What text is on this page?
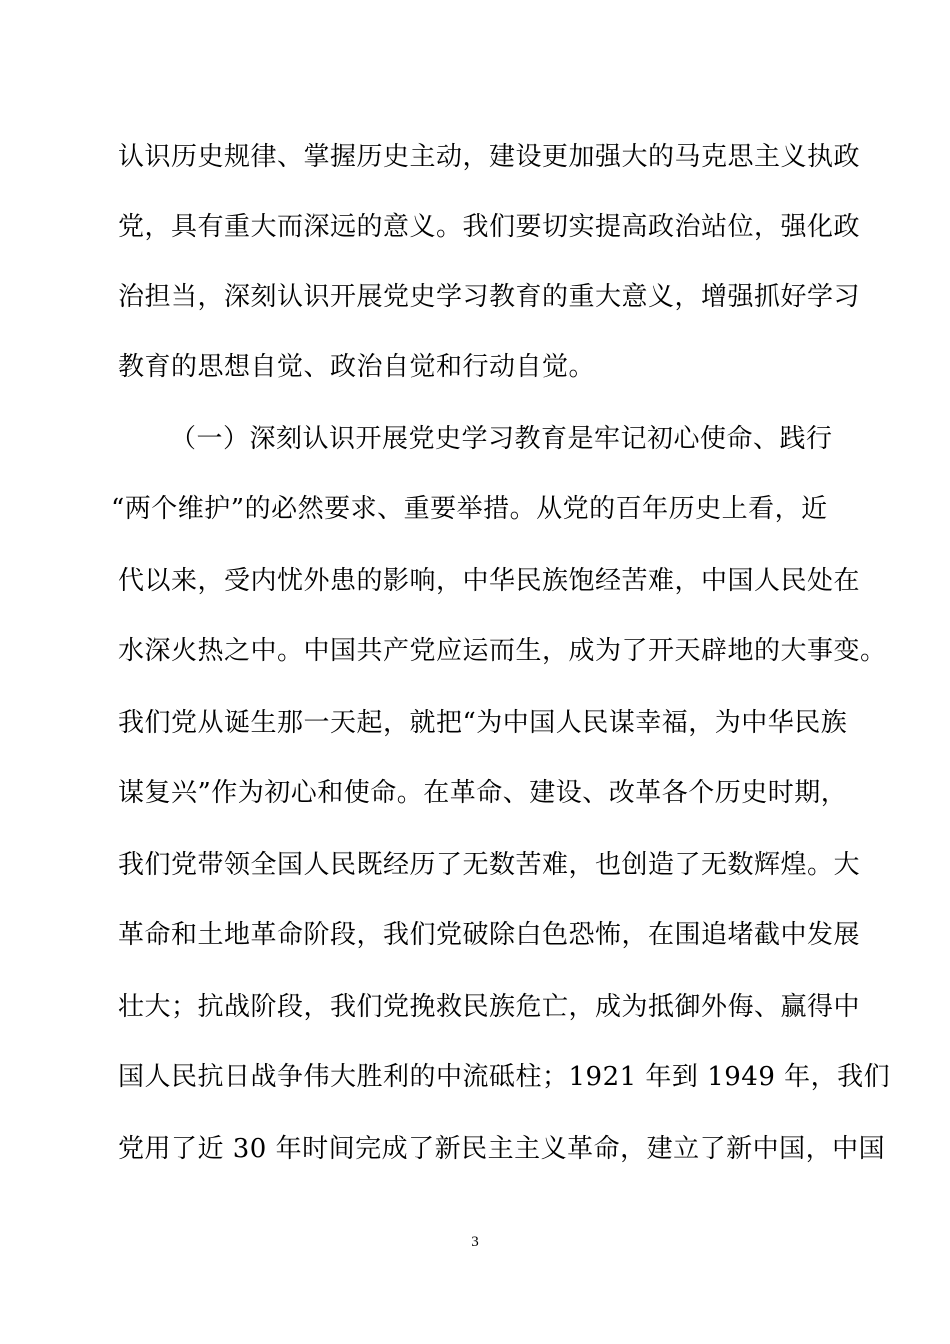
认识历史规律、掌握历史主动，建设更加强大的马克思主义执政
党，具有重大而深远的意义。我们要切实提高政治站位，强化政
治担当，深刻认识开展党史学习教育的重大意义，增强抓好学习
教育的思想自觉、政治自觉和行动自觉。
（一）深刻认识开展党史学习教育是牢记初心使命、践行
“两个维护”的必然要求、重要举措。从党的百年历史上看，近
代以来，受内忧外患的影响，中华民族饱经苦难，中国人民处在
水深火热之中。中国共产党应运而生，成为了开天辟地的大事变。
我们党从诞生那一天起，就把“为中国人民谋幸福，为中华民族
谋复兴”作为初心和使命。在革命、建设、改革各个历史时期，
我们党带领全国人民既经历了无数苦难，也创造了无数辉煌。大
革命和土地革命阶段，我们党破除白色恐怖，在围追堵截中发展
壮大；抗战阶段，我们党挽救民族危亡，成为抵御外侮、赢得中
国人民抗日战争伟大胜利的中流砥柱；1921 年到 1949 年，我们
党用了近 30 年时间完成了新民主主义革命，建立了新中国，中国
3
